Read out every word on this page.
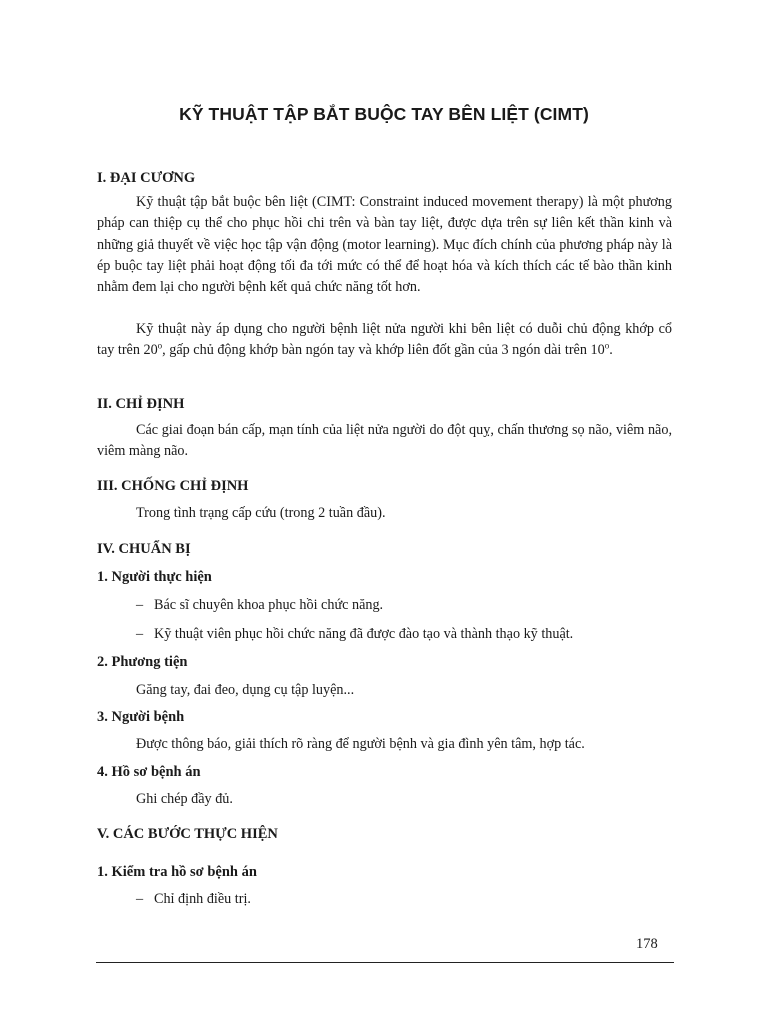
KỸ THUẬT TẬP BẮT BUỘC TAY BÊN LIỆT (CIMT)
I. ĐẠI CƯƠNG

Kỹ thuật tập bắt buộc bên liệt (CIMT: Constraint induced movement therapy) là một phương pháp can thiệp cụ thể cho phục hồi chi trên và bàn tay liệt, được dựa trên sự liên kết thần kinh và những giả thuyết về việc học tập vận động (motor learning). Mục đích chính của phương pháp này là ép buộc tay liệt phải hoạt động tối đa tới mức có thể để hoạt hóa và kích thích các tế bào thần kinh nhằm đem lại cho người bệnh kết quả chức năng tốt hơn.

Kỹ thuật này áp dụng cho người bệnh liệt nửa người khi bên liệt có duỗi chủ động khớp cổ tay trên 20$^o$, gấp chủ động khớp bàn ngón tay và khớp liên đốt gần của 3 ngón dài trên 10$^o$.

II. CHỈ ĐỊNH

Các giai đoạn bán cấp, mạn tính của liệt nửa người do đột quỵ, chấn thương sọ não, viêm não, viêm màng não.

III. CHỐNG CHỈ ĐỊNH
Trong tình trạng cấp cứu (trong 2 tuần đầu).
IV. CHUẨN BỊ
1. Người thực hiện
– Bác sĩ chuyên khoa phục hồi chức năng.
– Kỹ thuật viên phục hồi chức năng đã được đào tạo và thành thạo kỹ thuật.
2. Phương tiện
Găng tay, đai đeo, dụng cụ tập luyện...
3. Người bệnh
Được thông báo, giải thích rõ ràng để người bệnh và gia đình yên tâm, hợp tác.
4. Hồ sơ bệnh án
Ghi chép đầy đủ.
V. CÁC BƯỚC THỰC HIỆN
1. Kiểm tra hồ sơ bệnh án
– Chỉ định điều trị.
178
